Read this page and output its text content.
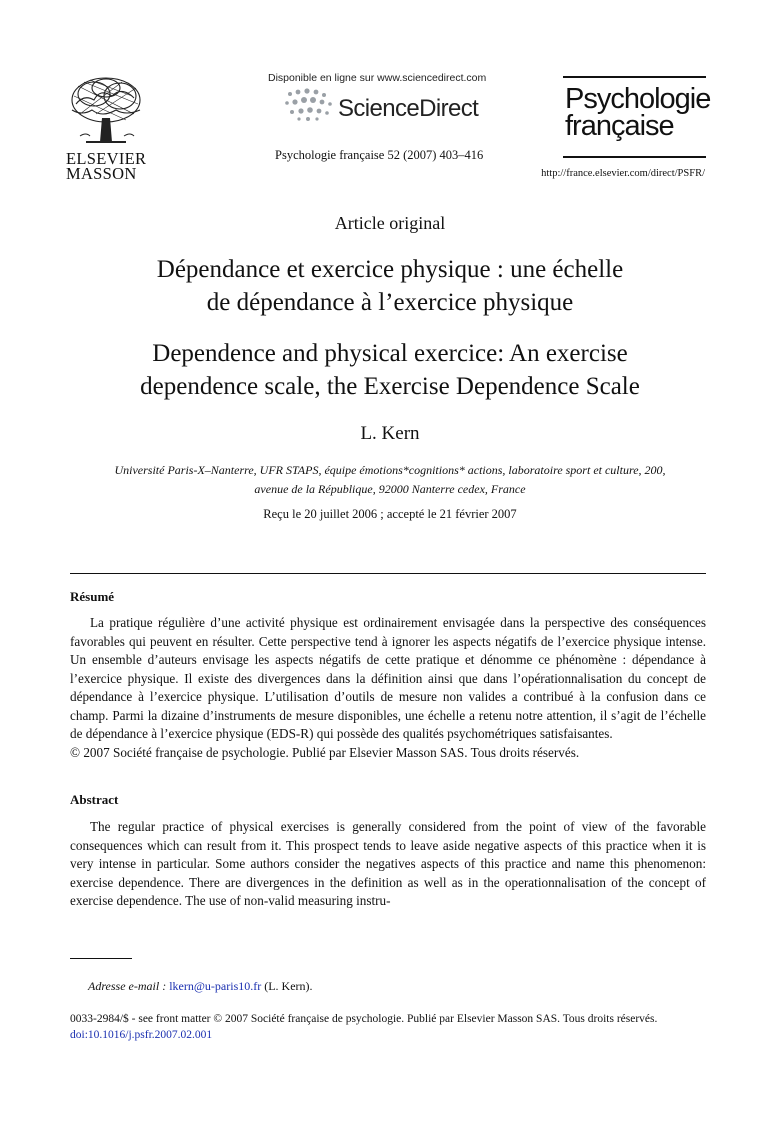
ELSEVIER
MASSON
Disponible en ligne sur www.sciencedirect.com
ScienceDirect
Psychologie française 52 (2007) 403–416
Psychologie
française
http://france.elsevier.com/direct/PSFR/
Article original
Dépendance et exercice physique : une échelle
de dépendance à l’exercice physique
Dependence and physical exercice: An exercise
dependence scale, the Exercise Dependence Scale
L. Kern
Université Paris-X–Nanterre, UFR STAPS, équipe émotions*cognitions* actions, laboratoire sport et culture, 200,
avenue de la République, 92000 Nanterre cedex, France
Reçu le 20 juillet 2006 ; accepté le 21 février 2007
Résumé

La pratique régulière d’une activité physique est ordinairement envisagée dans la perspective des conséquences favorables qui peuvent en résulter. Cette perspective tend à ignorer les aspects négatifs de l’exercice physique intense. Un ensemble d’auteurs envisage les aspects négatifs de cette pratique et dénomme ce phénomène : dépendance à l’exercice physique. Il existe des divergences dans la définition ainsi que dans l’opérationnalisation du concept de dépendance à l’exercice physique. L’utilisation d’outils de mesure non valides a contribué à la confusion dans ce champ. Parmi la dizaine d’instruments de mesure disponibles, une échelle a retenu notre attention, il s’agit de l’échelle de dépendance à l’exercice physique (EDS-R) qui possède des qualités psychométriques satisfaisantes.

© 2007 Société française de psychologie. Publié par Elsevier Masson SAS. Tous droits réservés.

Abstract

The regular practice of physical exercises is generally considered from the point of view of the favorable consequences which can result from it. This prospect tends to leave aside negative aspects of this practice when it is very intense in particular. Some authors consider the negatives aspects of this practice and name this phenomenon: exercise dependence. There are divergences in the definition as well as in the operationnalisation of the concept of exercise dependence. The use of non-valid measuring instru-

Adresse e-mail : lkern@u-paris10.fr (L. Kern).
0033-2984/$ - see front matter © 2007 Société française de psychologie. Publié par Elsevier Masson SAS. Tous droits réservés.
doi:10.1016/j.psfr.2007.02.001
